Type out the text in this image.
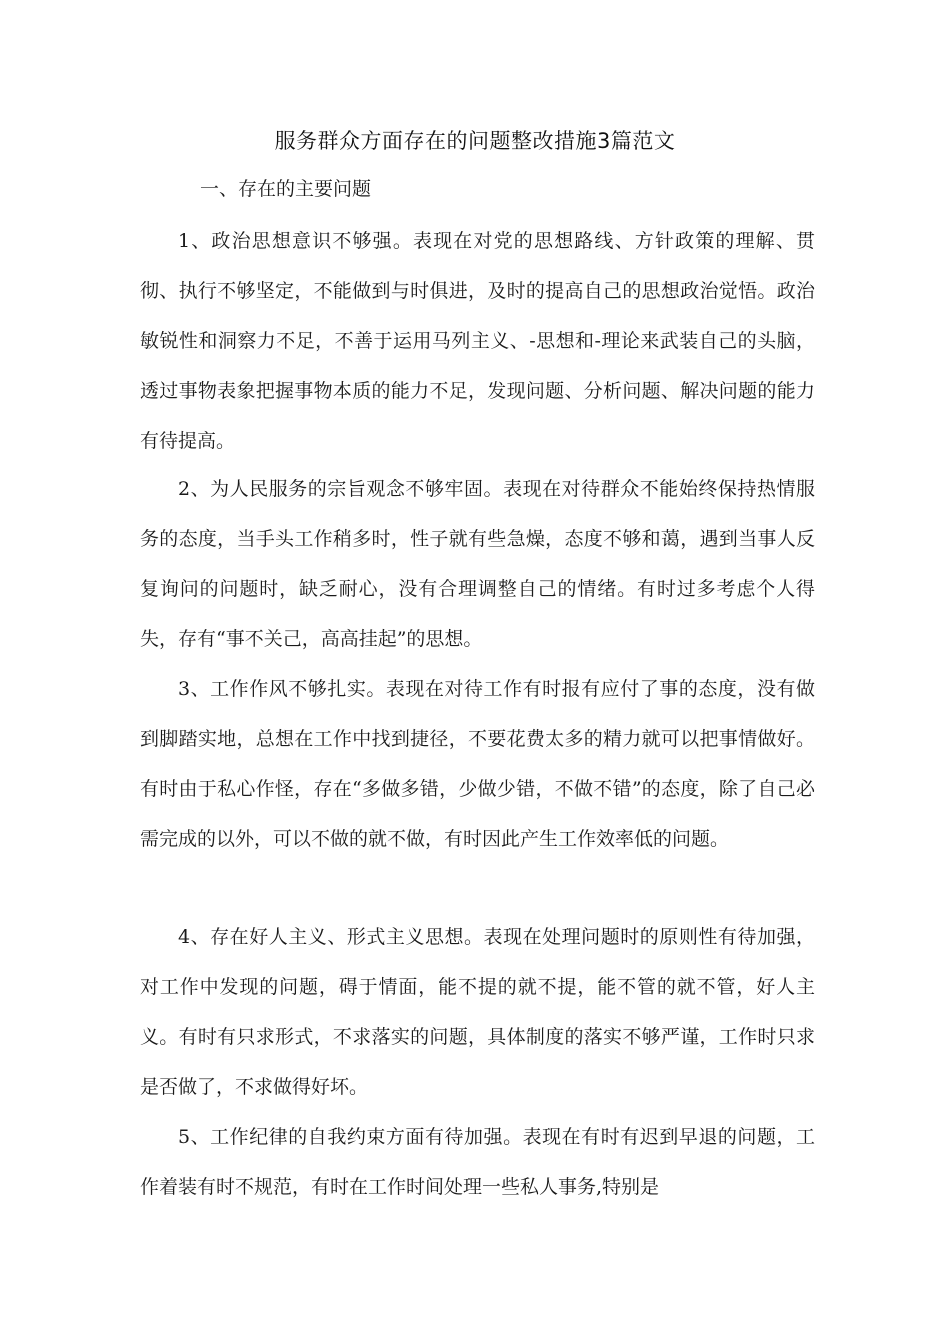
服务群众方面存在的问题整改措施3篇范文
一、存在的主要问题

1、政治思想意识不够强。表现在对党的思想路线、方针政策的理解、贯彻、执行不够坚定，不能做到与时俱进，及时的提高自己的思想政治觉悟。政治敏锐性和洞察力不足，不善于运用马列主义、-思想和-理论来武装自己的头脑，透过事物表象把握事物本质的能力不足，发现问题、分析问题、解决问题的能力有待提高。

2、为人民服务的宗旨观念不够牢固。表现在对待群众不能始终保持热情服务的态度，当手头工作稍多时，性子就有些急燥，态度不够和蔼，遇到当事人反复询问的问题时，缺乏耐心，没有合理调整自己的情绪。有时过多考虑个人得失，存有“事不关己，高高挂起”的思想。

3、工作作风不够扎实。表现在对待工作有时报有应付了事的态度，没有做到脚踏实地，总想在工作中找到捷径，不要花费太多的精力就可以把事情做好。有时由于私心作怪，存在“多做多错，少做少错，不做不错”的态度，除了自己必需完成的以外，可以不做的就不做，有时因此产生工作效率低的问题。

4、存在好人主义、形式主义思想。表现在处理问题时的原则性有待加强，对工作中发现的问题，碍于情面，能不提的就不提，能不管的就不管，好人主义。有时有只求形式，不求落实的问题，具体制度的落实不够严谨，工作时只求是否做了，不求做得好坏。

5、工作纪律的自我约束方面有待加强。表现在有时有迟到早退的问题，工作着装有时不规范，有时在工作时间处理一些私人事务,特别是
